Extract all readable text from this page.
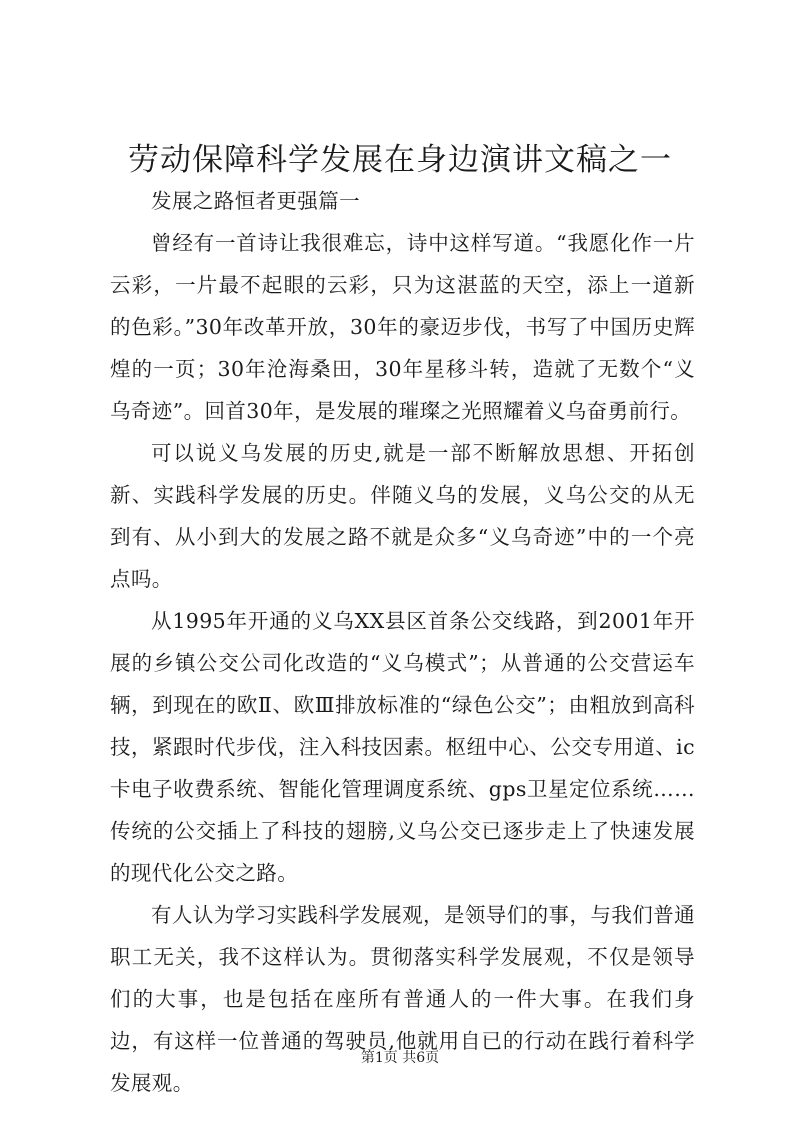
劳动保障科学发展在身边演讲文稿之一

发展之路恒者更强篇一

曾经有一首诗让我很难忘，诗中这样写道。“我愿化作一片云彩，一片最不起眼的云彩，只为这湛蓝的天空，添上一道新的色彩。”30年改革开放，30年的豪迈步伐，书写了中国历史辉煌的一页；30年沧海桑田，30年星移斗转，造就了无数个“义乌奇迹”。回首30年，是发展的璀璨之光照耀着义乌奋勇前行。

可以说义乌发展的历史,就是一部不断解放思想、开拓创新、实践科学发展的历史。伴随义乌的发展，义乌公交的从无到有、从小到大的发展之路不就是众多“义乌奇迹”中的一个亮点吗。

从1995年开通的义乌XX县区首条公交线路，到2001年开展的乡镇公交公司化改造的“义乌模式”；从普通的公交营运车辆，到现在的欧Ⅱ、欧Ⅲ排放标准的“绿色公交”；由粗放到高科技，紧跟时代步伐，注入科技因素。枢纽中心、公交专用道、ic卡电子收费系统、智能化管理调度系统、gps卫星定位系统……传统的公交插上了科技的翅膀,义乌公交已逐步走上了快速发展的现代化公交之路。

有人认为学习实践科学发展观，是领导们的事，与我们普通职工无关，我不这样认为。贯彻落实科学发展观，不仅是领导们的大事，也是包括在座所有普通人的一件大事。在我们身边，有这样一位普通的驾驶员,他就用自已的行动在践行着科学发展观。

第1页 共6页
